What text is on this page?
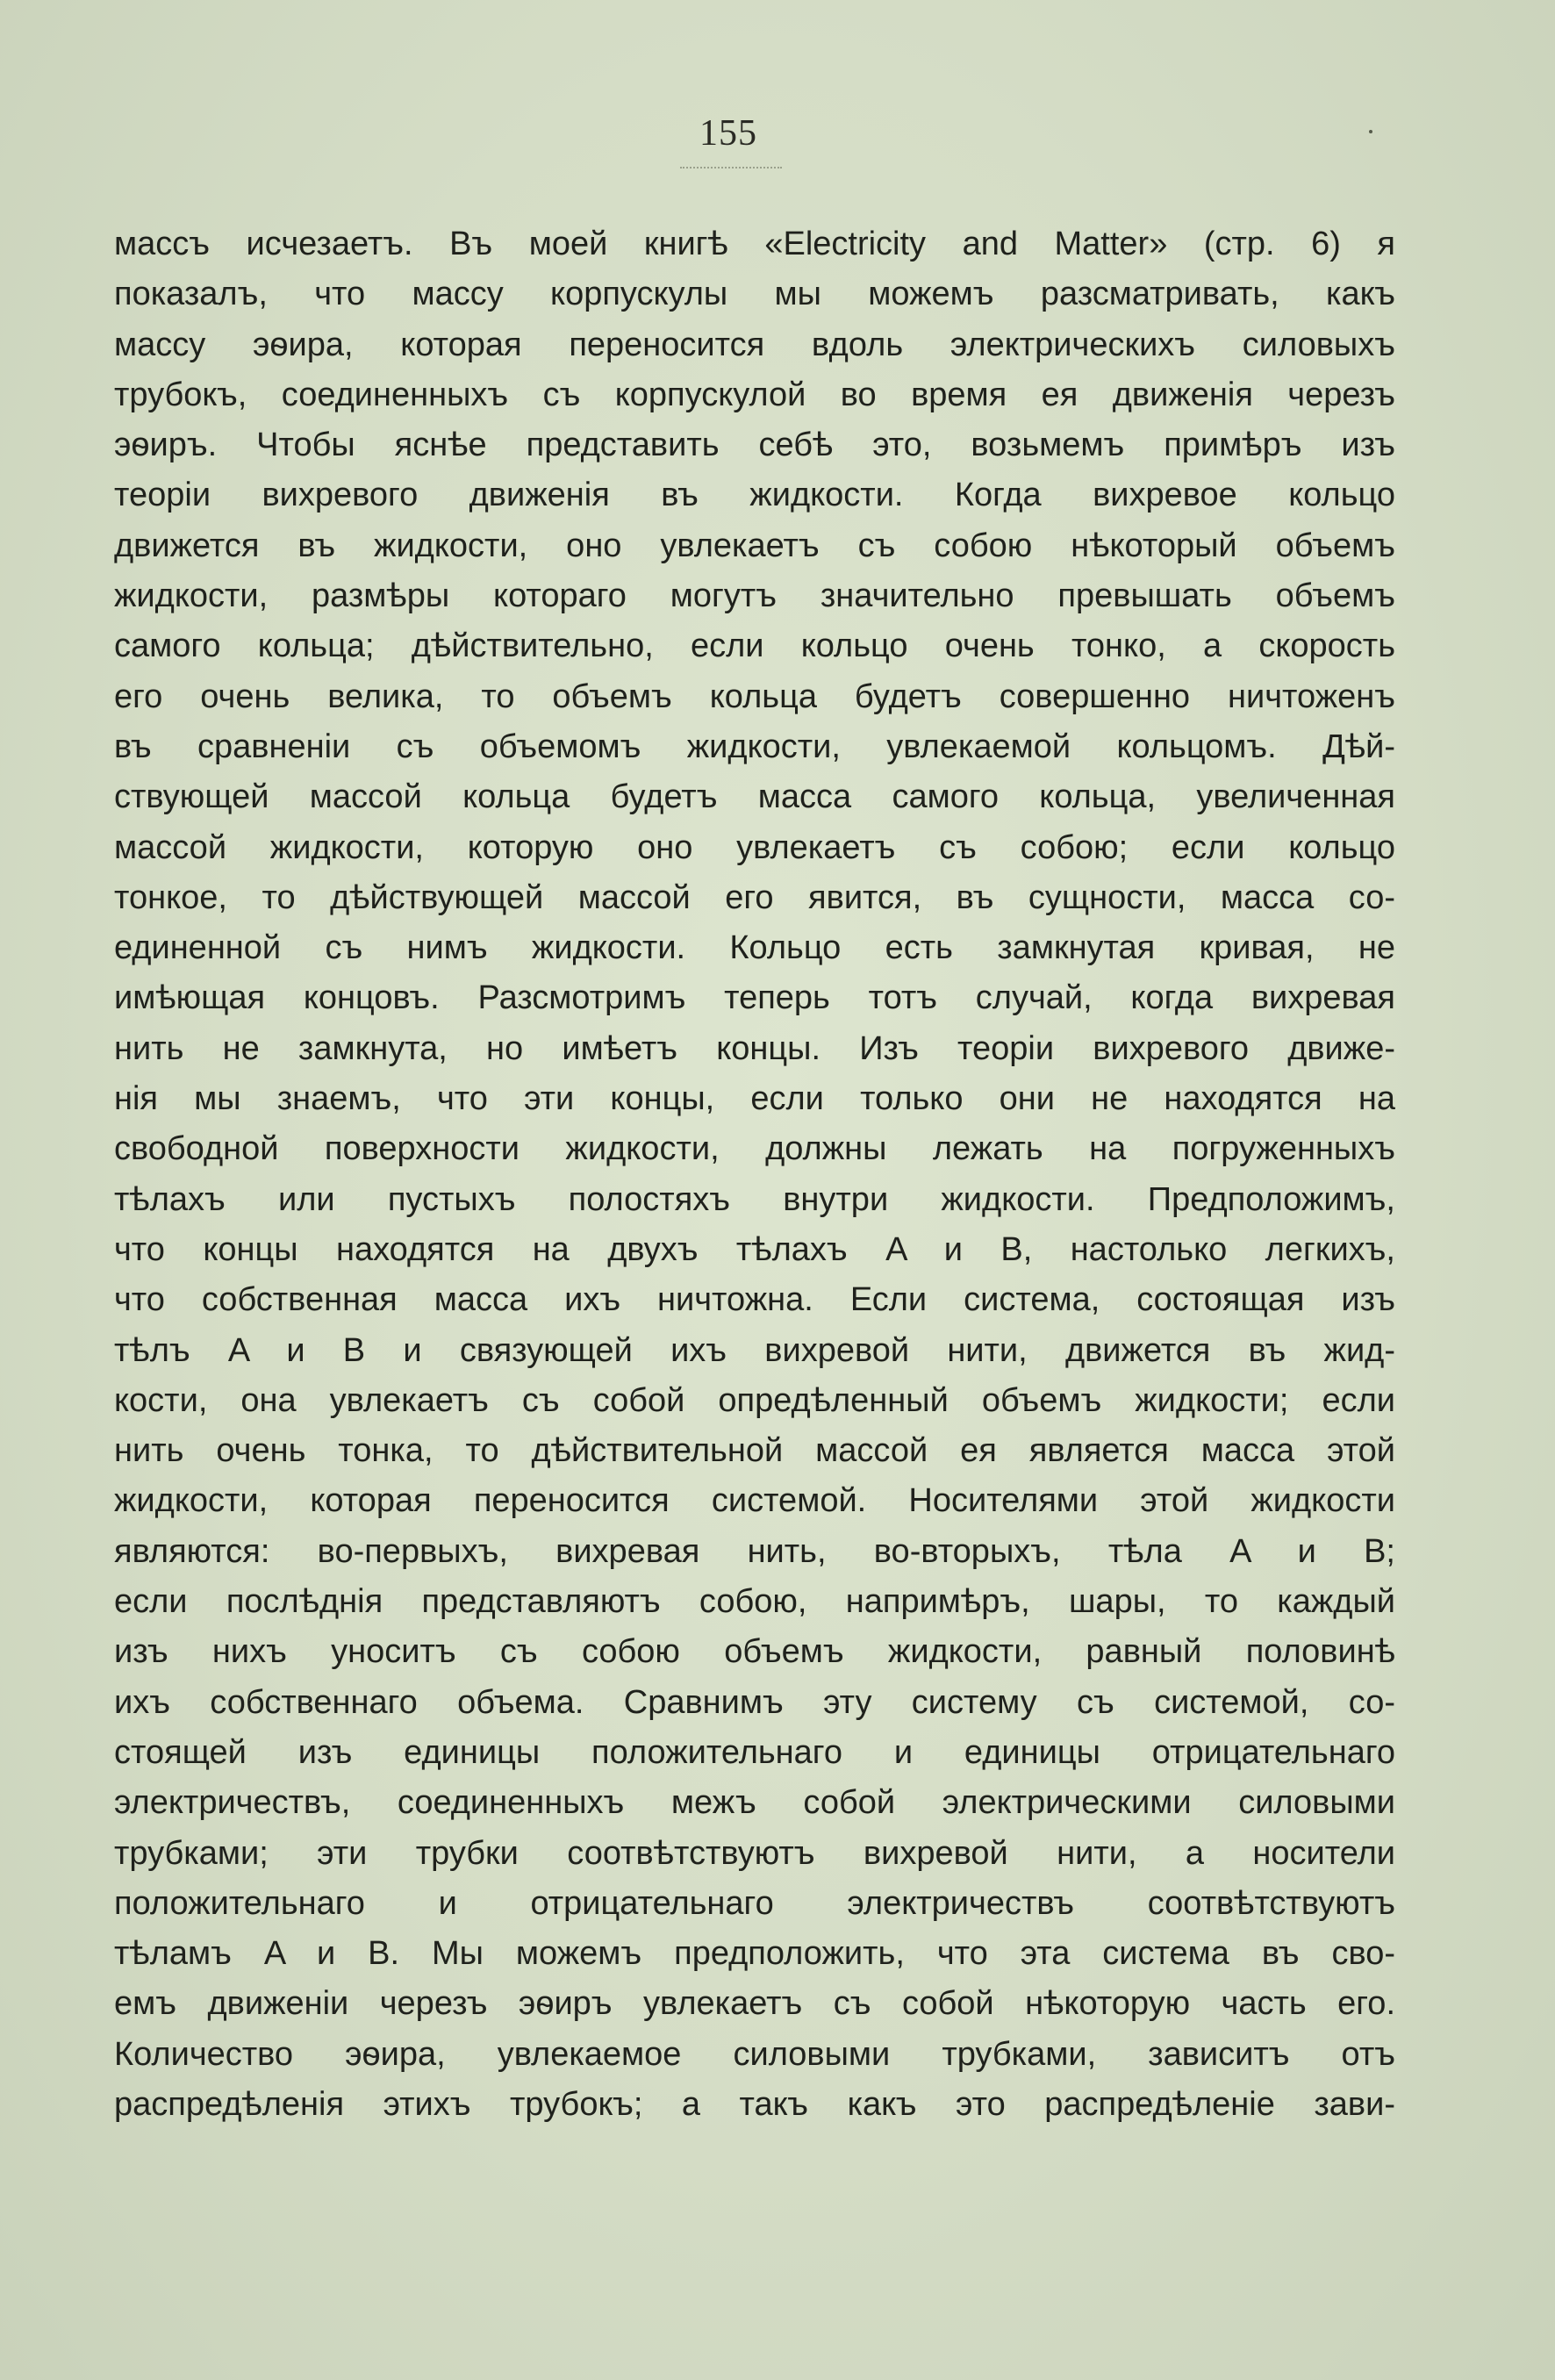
155
массъ исчезаетъ. Въ моей книгѣ «Electricity and Matter» (стр. 6) я
показалъ, что массу корпускулы мы можемъ разсматривать, какъ
массу эѳира, которая переносится вдоль электрическихъ силовыхъ
трубокъ, соединенныхъ съ корпускулой во время ея движенія черезъ
эѳиръ. Чтобы яснѣе представить себѣ это, возьмемъ примѣръ изъ
теоріи вихревого движенія въ жидкости. Когда вихревое кольцо
движется въ жидкости, оно увлекаетъ съ собою нѣкоторый объемъ
жидкости, размѣры котораго могутъ значительно превышать объемъ
самого кольца; дѣйствительно, если кольцо очень тонко, а скорость
его очень велика, то объемъ кольца будетъ совершенно ничтоженъ
въ сравненіи съ объемомъ жидкости, увлекаемой кольцомъ. Дѣй-
ствующей массой кольца будетъ масса самого кольца, увеличенная
массой жидкости, которую оно увлекаетъ съ собою; если кольцо
тонкое, то дѣйствующей массой его явится, въ сущности, масса со-
единенной съ нимъ жидкости. Кольцо есть замкнутая кривая, не
имѣющая концовъ. Разсмотримъ теперь тотъ случай, когда вихревая
нить не замкнута, но имѣетъ концы. Изъ теоріи вихревого движе-
нія мы знаемъ, что эти концы, если только они не находятся на
свободной поверхности жидкости, должны лежать на погруженныхъ
тѣлахъ или пустыхъ полостяхъ внутри жидкости. Предположимъ,
что концы находятся на двухъ тѣлахъ A и B, настолько легкихъ,
что собственная масса ихъ ничтожна. Если система, состоящая изъ
тѣлъ A и B и связующей ихъ вихревой нити, движется въ жид-
кости, она увлекаетъ съ собой опредѣленный объемъ жидкости; если
нить очень тонка, то дѣйствительной массой ея является масса этой
жидкости, которая переносится системой. Носителями этой жидкости
являются: во-первыхъ, вихревая нить, во-вторыхъ, тѣла A и B;
если послѣднія представляютъ собою, напримѣръ, шары, то каждый
изъ нихъ уноситъ съ собою объемъ жидкости, равный половинѣ
ихъ собственнаго объема. Сравнимъ эту систему съ системой, со-
стоящей изъ единицы положительнаго и единицы отрицательнаго
электричествъ, соединенныхъ межъ собой электрическими силовыми
трубками; эти трубки соотвѣтствуютъ вихревой нити, а носители
положительнаго и отрицательнаго электричествъ соотвѣтствуютъ
тѣламъ A и B. Мы можемъ предположить, что эта система въ сво-
емъ движеніи черезъ эѳиръ увлекаетъ съ собой нѣкоторую часть его.
Количество эѳира, увлекаемое силовыми трубками, зависитъ отъ
распредѣленія этихъ трубокъ; а такъ какъ это распредѣленіе зави-
